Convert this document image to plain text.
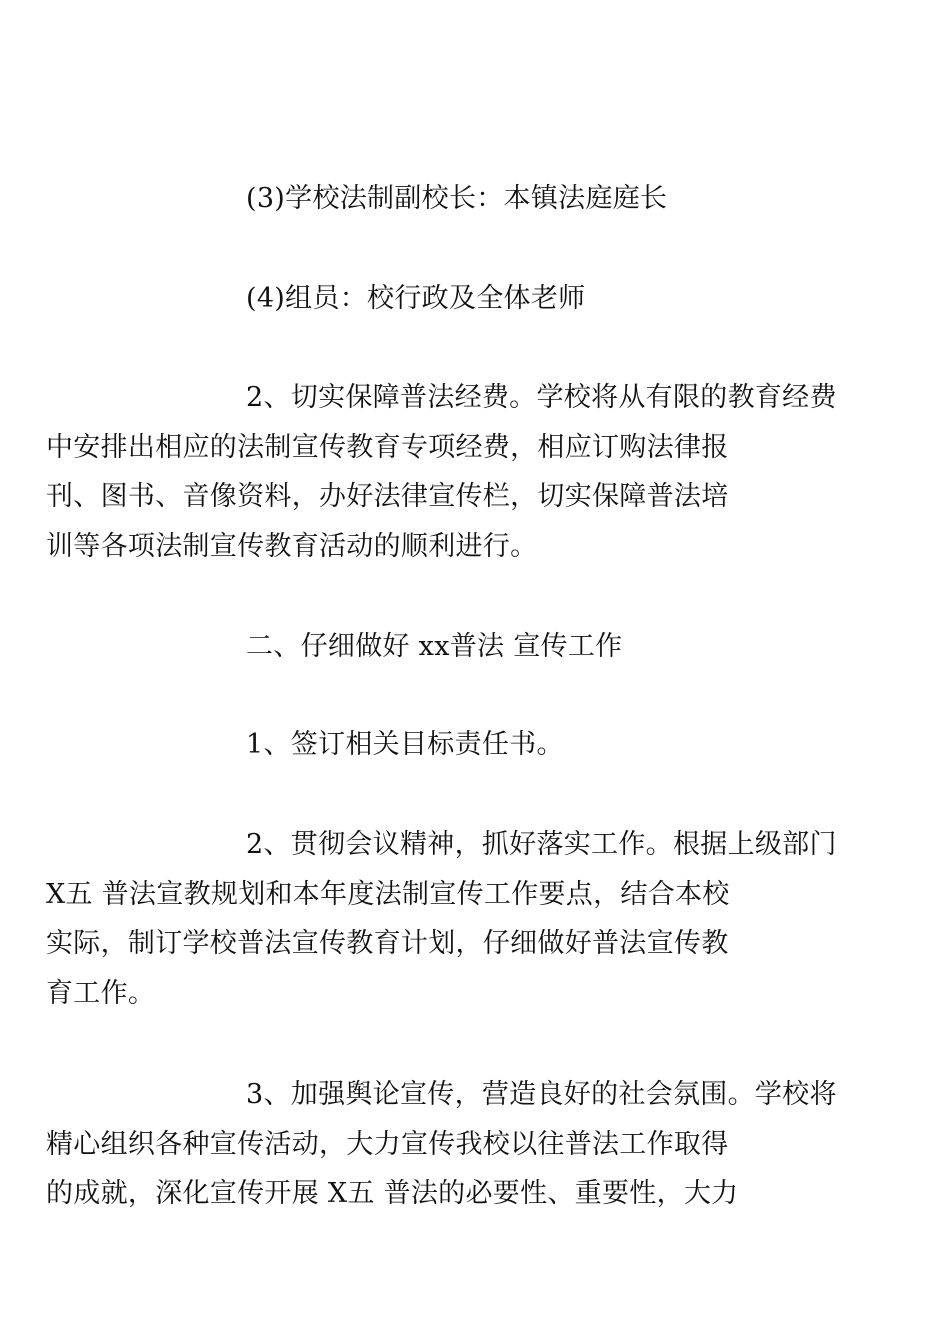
(3)学校法制副校长：本镇法庭庭长

(4)组员：校行政及全体老师

2、切实保障普法经费。学校将从有限的教育经费
中安排出相应的法制宣传教育专项经费，相应订购法律报
刊、图书、音像资料，办好法律宣传栏，切实保障普法培
训等各项法制宣传教育活动的顺利进行。

二、仔细做好 xx普法 宣传工作

1、签订相关目标责任书。

2、贯彻会议精神，抓好落实工作。根据上级部门
X五 普法宣教规划和本年度法制宣传工作要点，结合本校
实际，制订学校普法宣传教育计划，仔细做好普法宣传教
育工作。

3、加强舆论宣传，营造良好的社会氛围。学校将
精心组织各种宣传活动，大力宣传我校以往普法工作取得
的成就，深化宣传开展 X五 普法的必要性、重要性，大力
